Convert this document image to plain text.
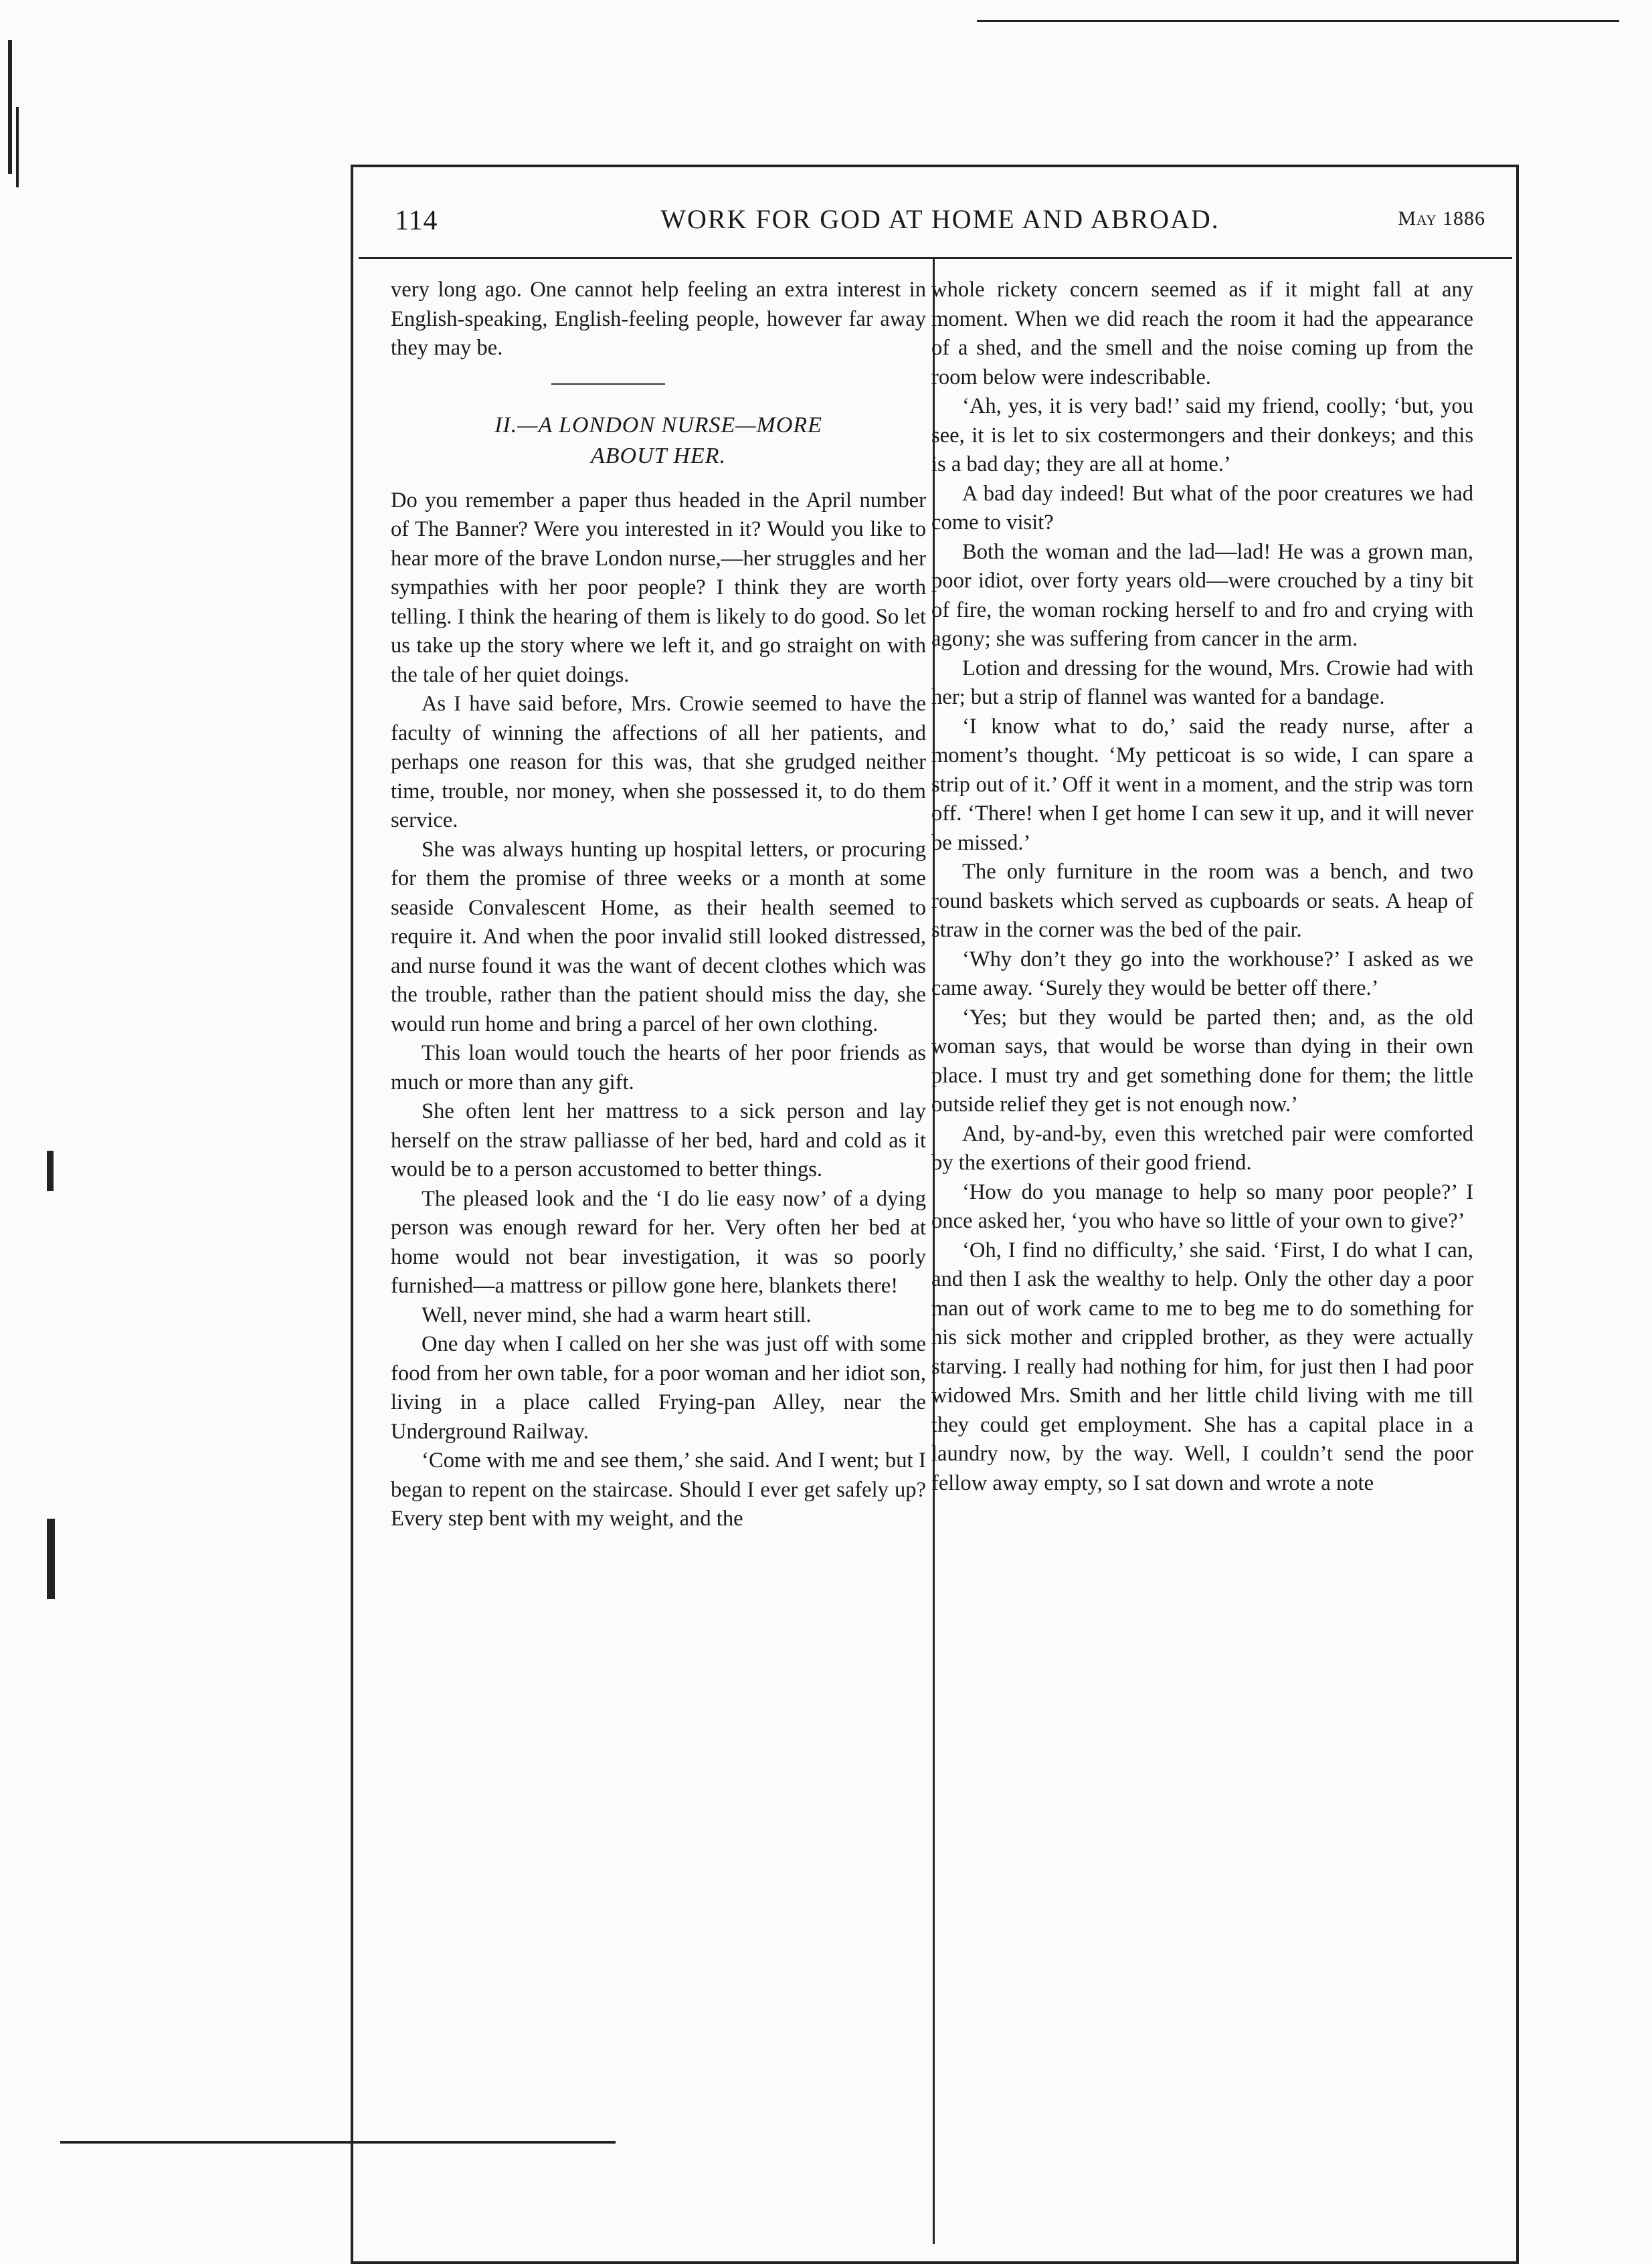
114	WORK FOR GOD AT HOME AND ABROAD.	May 1886

very long ago. One cannot help feeling an extra interest in English-speaking, English-feeling people, however far away they may be.

II.—A LONDON NURSE—MORE
ABOUT HER.

Do you remember a paper thus headed in the April number of The Banner? Were you interested in it? Would you like to hear more of the brave London nurse,—her struggles and her sympathies with her poor people? I think they are worth telling. I think the hearing of them is likely to do good. So let us take up the story where we left it, and go straight on with the tale of her quiet doings.

As I have said before, Mrs. Crowie seemed to have the faculty of winning the affections of all her patients, and perhaps one reason for this was, that she grudged neither time, trouble, nor money, when she possessed it, to do them service.

She was always hunting up hospital letters, or procuring for them the promise of three weeks or a month at some seaside Convalescent Home, as their health seemed to require it. And when the poor invalid still looked distressed, and nurse found it was the want of decent clothes which was the trouble, rather than the patient should miss the day, she would run home and bring a parcel of her own clothing.

This loan would touch the hearts of her poor friends as much or more than any gift.

She often lent her mattress to a sick person and lay herself on the straw palliasse of her bed, hard and cold as it would be to a person accustomed to better things.

The pleased look and the ‘I do lie easy now’ of a dying person was enough reward for her. Very often her bed at home would not bear investigation, it was so poorly furnished—a mattress or pillow gone here, blankets there!

Well, never mind, she had a warm heart still.

One day when I called on her she was just off with some food from her own table, for a poor woman and her idiot son, living in a place called Frying-pan Alley, near the Underground Railway.

‘Come with me and see them,’ she said. And I went; but I began to repent on the staircase. Should I ever get safely up? Every step bent with my weight, and the

whole rickety concern seemed as if it might fall at any moment. When we did reach the room it had the appearance of a shed, and the smell and the noise coming up from the room below were indescribable.

‘Ah, yes, it is very bad!’ said my friend, coolly; ‘but, you see, it is let to six costermongers and their donkeys; and this is a bad day; they are all at home.’

A bad day indeed! But what of the poor creatures we had come to visit?

Both the woman and the lad—lad! He was a grown man, poor idiot, over forty years old—were crouched by a tiny bit of fire, the woman rocking herself to and fro and crying with agony; she was suffering from cancer in the arm.

Lotion and dressing for the wound, Mrs. Crowie had with her; but a strip of flannel was wanted for a bandage.

‘I know what to do,’ said the ready nurse, after a moment’s thought. ‘My petticoat is so wide, I can spare a strip out of it.’ Off it went in a moment, and the strip was torn off. ‘There! when I get home I can sew it up, and it will never be missed.’

The only furniture in the room was a bench, and two round baskets which served as cupboards or seats. A heap of straw in the corner was the bed of the pair.

‘Why don’t they go into the workhouse?’ I asked as we came away. ‘Surely they would be better off there.’

‘Yes; but they would be parted then; and, as the old woman says, that would be worse than dying in their own place. I must try and get something done for them; the little outside relief they get is not enough now.’

And, by-and-by, even this wretched pair were comforted by the exertions of their good friend.

‘How do you manage to help so many poor people?’ I once asked her, ‘you who have so little of your own to give?’

‘Oh, I find no difficulty,’ she said. ‘First, I do what I can, and then I ask the wealthy to help. Only the other day a poor man out of work came to me to beg me to do something for his sick mother and crippled brother, as they were actually starving. I really had nothing for him, for just then I had poor widowed Mrs. Smith and her little child living with me till they could get employment. She has a capital place in a laundry now, by the way. Well, I couldn’t send the poor fellow away empty, so I sat down and wrote a note
